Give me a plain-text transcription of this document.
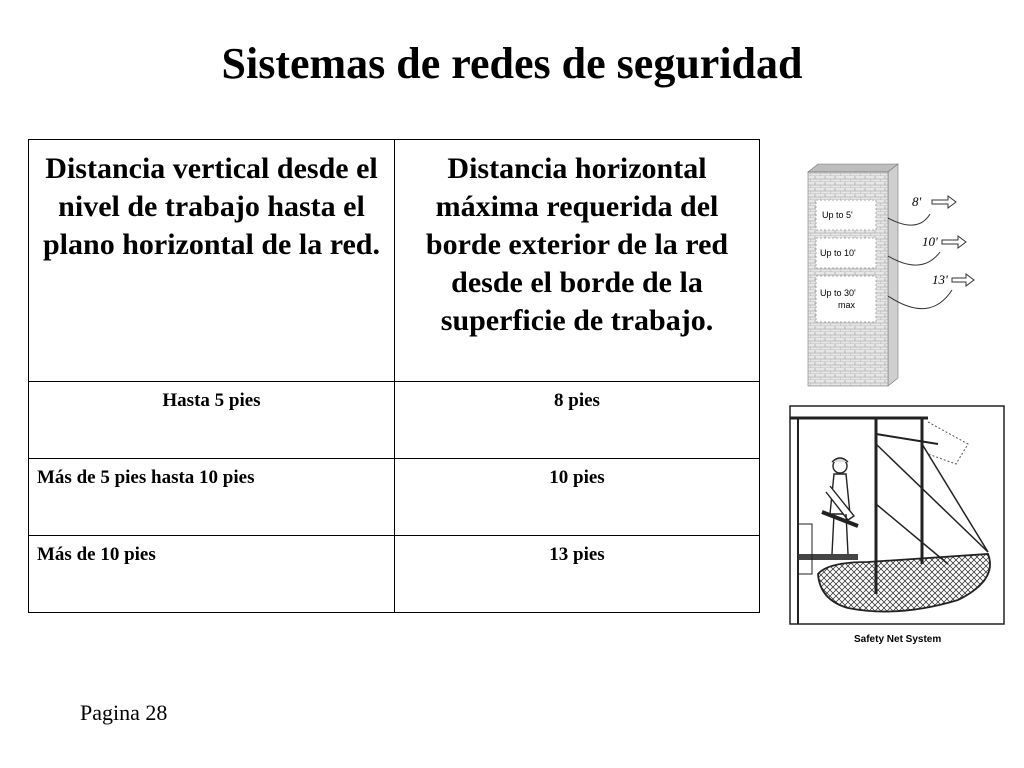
Sistemas de redes de seguridad
Distancia vertical desde el nivel de trabajo hasta el plano horizontal de la red.	Distancia horizontal máxima requerida del borde exterior de la red desde el borde de la superficie de trabajo.
Hasta 5 pies	8 pies
Más de 5 pies hasta 10 pies	10 pies
Más de 10 pies	13 pies
Up to 5'
Up to 10'
Up to 30'
max
8'
10'
13'
Safety Net System
Pagina 28
